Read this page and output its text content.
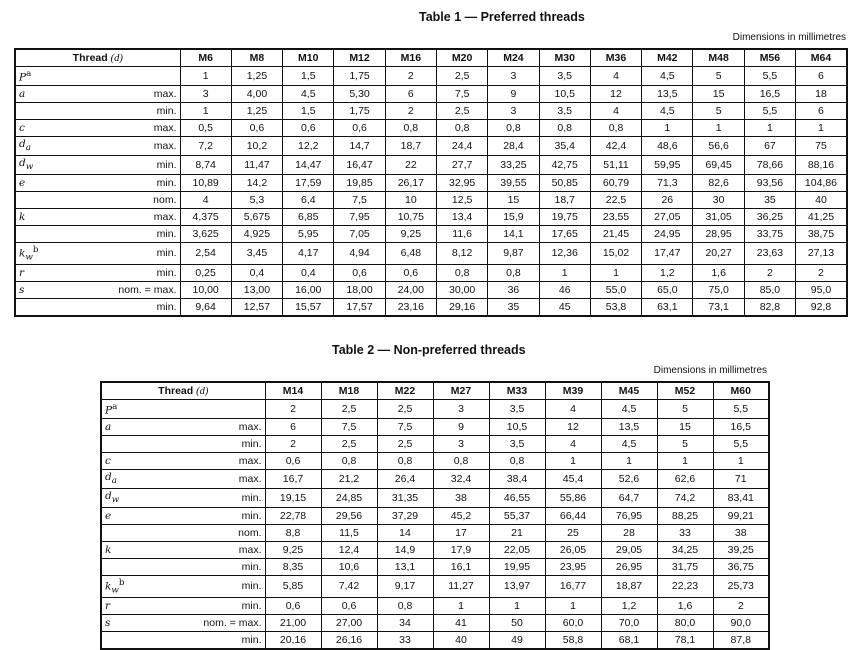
Table 1 — Preferred threads
Dimensions in millimetres
Thread (d)		M6	M8	M10	M12	M16	M20	M24	M30	M36	M42	M48	M56	M64
$P^a$		1	1,25	1,5	1,75	2	2,5	3	3,5	4	4,5	5	5,5	6
a	max.	3	4,00	4,5	5,30	6	7,5	9	10,5	12	13,5	15	16,5	18
	min.	1	1,25	1,5	1,75	2	2,5	3	3,5	4	4,5	5	5,5	6
c	max.	0,5	0,6	0,6	0,6	0,8	0,8	0,8	0,8	0,8	1	1	1	1
$d_a$	max.	7,2	10,2	12,2	14,7	18,7	24,4	28,4	35,4	42,4	48,6	56,6	67	75
$d_w$	min.	8,74	11,47	14,47	16,47	22	27,7	33,25	42,75	51,11	59,95	69,45	78,66	88,16
e	min.	10,89	14,2	17,59	19,85	26,17	32,95	39,55	50,85	60,79	71,3	82,6	93,56	104,86
	nom.	4	5,3	6,4	7,5	10	12,5	15	18,7	22,5	26	30	35	40
k	max.	4,375	5,675	6,85	7,95	10,75	13,4	15,9	19,75	23,55	27,05	31,05	36,25	41,25
	min.	3,625	4,925	5,95	7,05	9,25	11,6	14,1	17,65	21,45	24,95	28,95	33,75	38,75
$k_w^b$	min.	2,54	3,45	4,17	4,94	6,48	8,12	9,87	12,36	15,02	17,47	20,27	23,63	27,13
r	min.	0,25	0,4	0,4	0,6	0,6	0,8	0,8	1	1	1,2	1,6	2	2
s	nom. = max.	10,00	13,00	16,00	18,00	24,00	30,00	36	46	55,0	65,0	75,0	85,0	95,0
	min.	9,64	12,57	15,57	17,57	23,16	29,16	35	45	53,8	63,1	73,1	82,8	92,8
Table 2 — Non-preferred threads
Dimensions in millimetres
Thread (d)		M14	M18	M22	M27	M33	M39	M45	M52	M60
$P^a$		2	2,5	2,5	3	3,5	4	4,5	5	5,5
a	max.	6	7,5	7,5	9	10,5	12	13,5	15	16,5
	min.	2	2,5	2,5	3	3,5	4	4,5	5	5,5
c	max.	0,6	0,8	0,8	0,8	0,8	1	1	1	1
$d_a$	max.	16,7	21,2	26,4	32,4	38,4	45,4	52,6	62,6	71
$d_w$	min.	19,15	24,85	31,35	38	46,55	55,86	64,7	74,2	83,41
e	min.	22,78	29,56	37,29	45,2	55,37	66,44	76,95	88,25	99,21
	nom.	8,8	11,5	14	17	21	25	28	33	38
k	max.	9,25	12,4	14,9	17,9	22,05	26,05	29,05	34,25	39,25
	min.	8,35	10,6	13,1	16,1	19,95	23,95	26,95	31,75	36,75
$k_w^b$	min.	5,85	7,42	9,17	11,27	13,97	16,77	18,87	22,23	25,73
r	min.	0,6	0,6	0,8	1	1	1	1,2	1,6	2
s	nom. = max.	21,00	27,00	34	41	50	60,0	70,0	80,0	90,0
	min.	20,16	26,16	33	40	49	58,8	68,1	78,1	87,8
